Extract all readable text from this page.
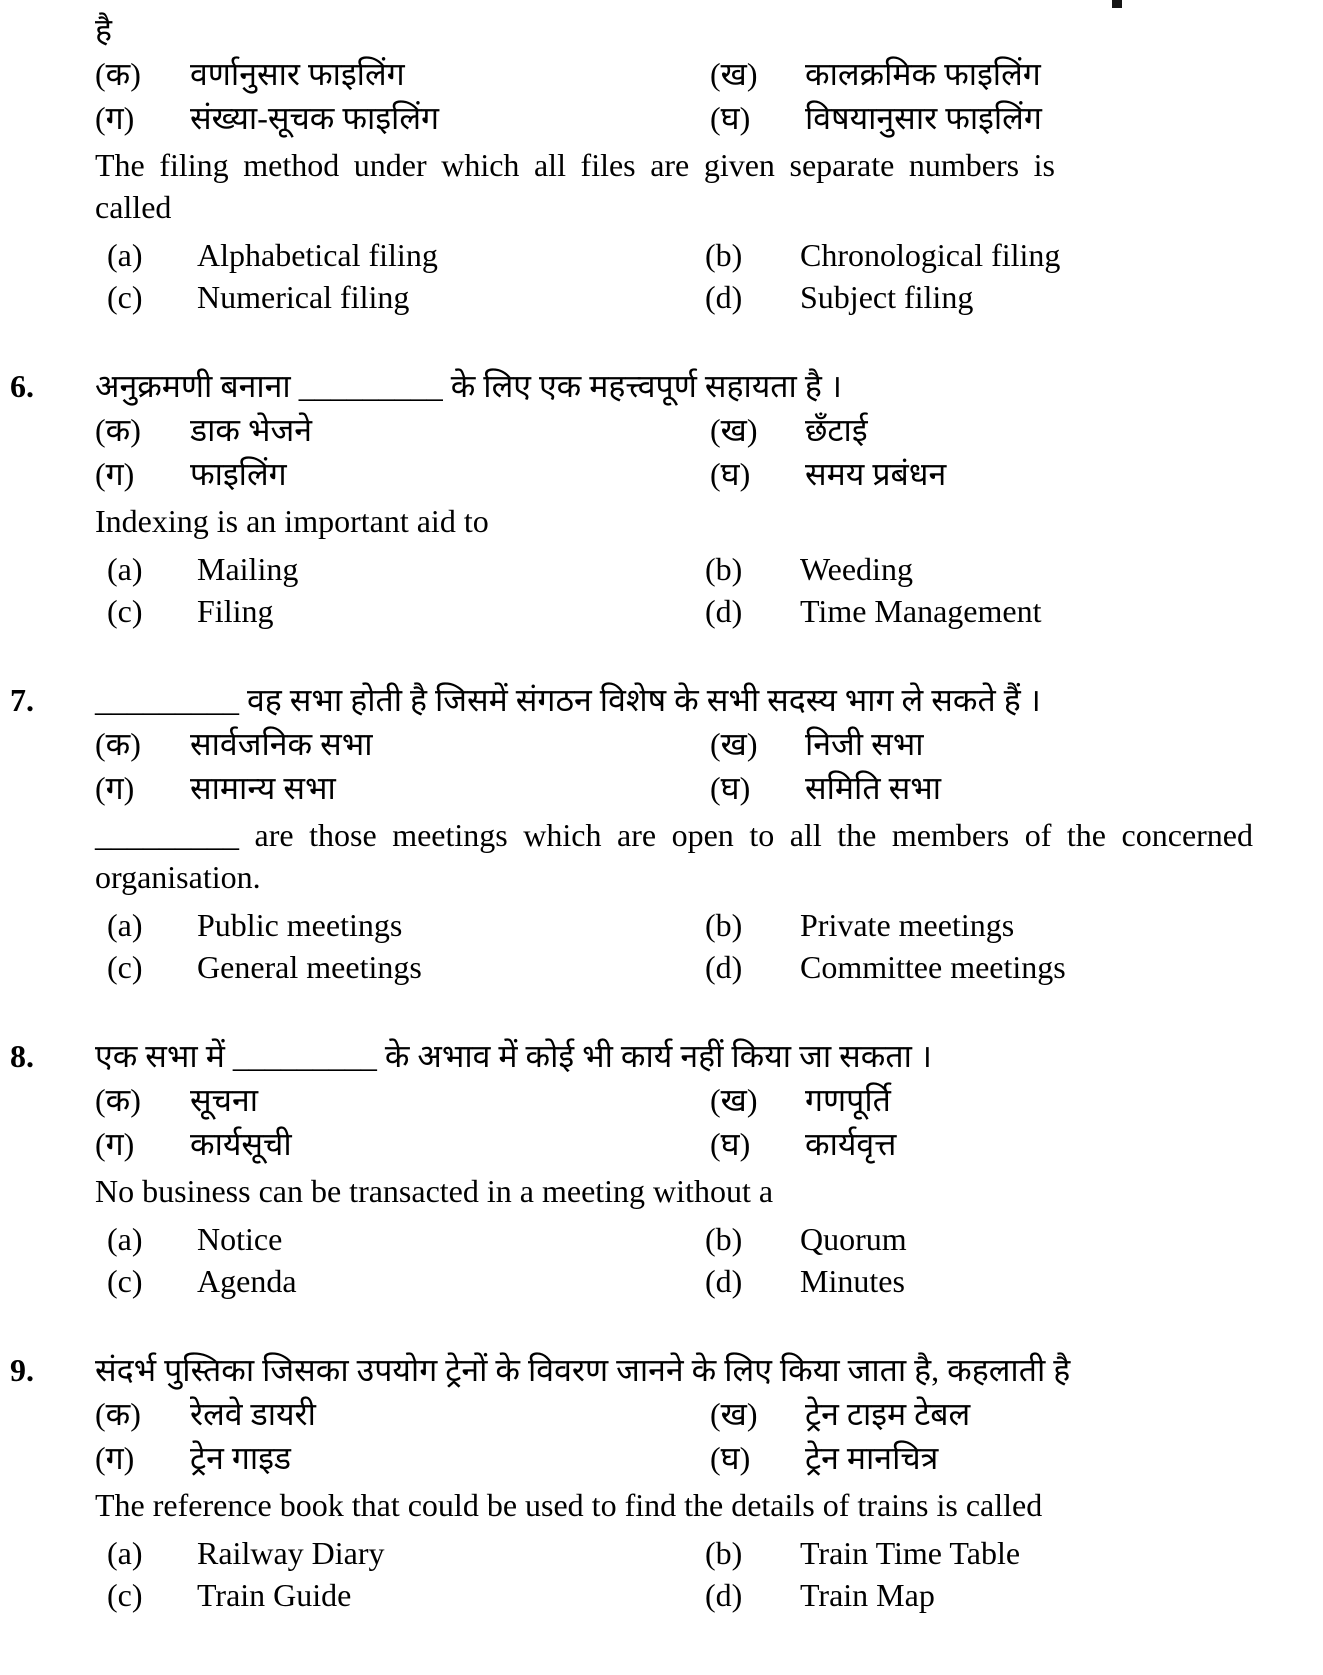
है

(क)	वर्णानुसार फाइलिंग	(ख)	कालक्रमिक फाइलिंग
(ग)	संख्या-सूचक फाइलिंग	(घ)	विषयानुसार फाइलिंग

The filing method under which all files are given separate numbers is called

(a)	Alphabetical filing	(b)	Chronological filing
(c)	Numerical filing	(d)	Subject filing
6.	अनुक्रमणी बनाना _________ के लिए एक महत्त्वपूर्ण सहायता है ।

(क)	डाक भेजने	(ख)	छँटाई
(ग)	फाइलिंग	(घ)	समय प्रबंधन

Indexing is an important aid to

(a)	Mailing	(b)	Weeding
(c)	Filing	(d)	Time Management
7.	_________ वह सभा होती है जिसमें संगठन विशेष के सभी सदस्य भाग ले सकते हैं ।

(क)	सार्वजनिक सभा	(ख)	निजी सभा
(ग)	सामान्य सभा	(घ)	समिति सभा

_________ are those meetings which are open to all the members of the concerned organisation.

(a)	Public meetings	(b)	Private meetings
(c)	General meetings	(d)	Committee meetings
8.	एक सभा में _________ के अभाव में कोई भी कार्य नहीं किया जा सकता ।

(क)	सूचना	(ख)	गणपूर्ति
(ग)	कार्यसूची	(घ)	कार्यवृत्त

No business can be transacted in a meeting without a

(a)	Notice	(b)	Quorum
(c)	Agenda	(d)	Minutes
9.	संदर्भ पुस्तिका जिसका उपयोग ट्रेनों के विवरण जानने के लिए किया जाता है, कहलाती है

(क)	रेलवे डायरी	(ख)	ट्रेन टाइम टेबल
(ग)	ट्रेन गाइड	(घ)	ट्रेन मानचित्र

The reference book that could be used to find the details of trains is called

(a)	Railway Diary	(b)	Train Time Table
(c)	Train Guide	(d)	Train Map
